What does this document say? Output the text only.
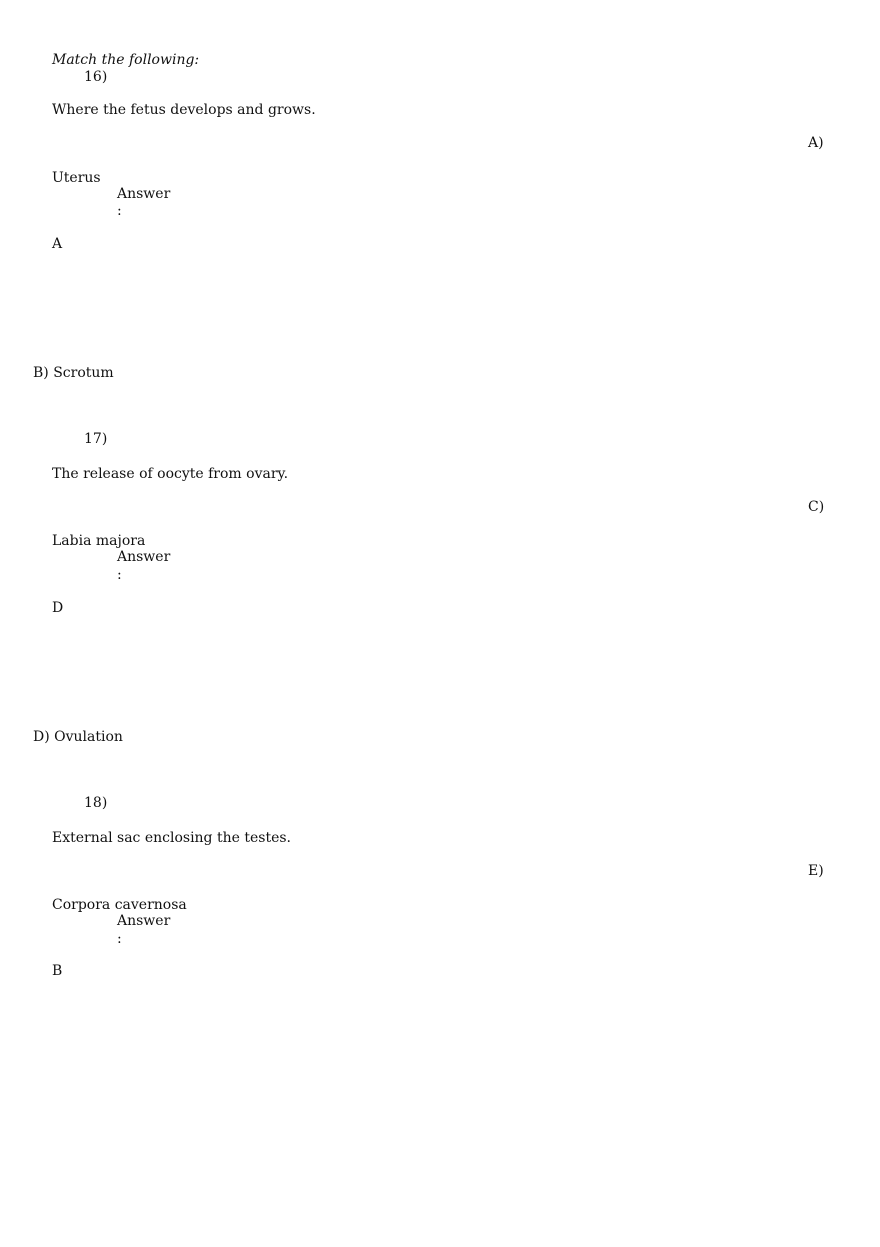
Match the following:
16)
Where the fetus develops and grows.
A)
Uterus
Answer
:
A
B) Scrotum
17)
The release of oocyte from ovary.
C)
Labia majora
Answer
:
D
D) Ovulation
18)
External sac enclosing the testes.
E)
Corpora cavernosa
Answer
:
B
